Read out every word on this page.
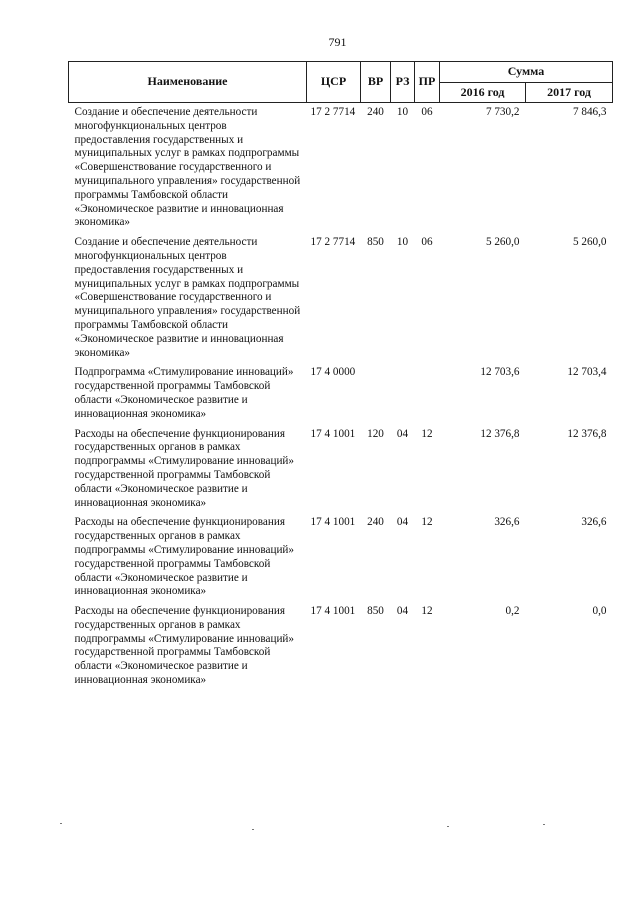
791
Наименование	ЦСР	ВР	РЗ	ПР	Сумма	
					2016 год	2017 год
Создание и обеспечение деятельности многофункциональных центров предоставления государственных и муниципальных услуг в рамках подпрограммы «Совершенствование государственного и муниципального управления» государственной программы Тамбовской области «Экономическое развитие и инновационная экономика»	17 2 7714	240	10	06	7 730,2	7 846,3
Создание и обеспечение деятельности многофункциональных центров предоставления государственных и муниципальных услуг в рамках подпрограммы «Совершенствование государственного и муниципального управления» государственной программы Тамбовской области «Экономическое развитие и инновационная экономика»	17 2 7714	850	10	06	5 260,0	5 260,0
Подпрограмма «Стимулирование инноваций» государственной программы Тамбовской области «Экономическое развитие и инновационная экономика»	17 4 0000				12 703,6	12 703,4
Расходы на обеспечение функционирования государственных органов в рамках подпрограммы «Стимулирование инноваций» государственной программы Тамбовской области «Экономическое развитие и инновационная экономика»	17 4 1001	120	04	12	12 376,8	12 376,8
Расходы на обеспечение функционирования государственных органов в рамках подпрограммы «Стимулирование инноваций» государственной программы Тамбовской области «Экономическое развитие и инновационная экономика»	17 4 1001	240	04	12	326,6	326,6
Расходы на обеспечение функционирования государственных органов в рамках подпрограммы «Стимулирование инноваций» государственной программы Тамбовской области «Экономическое развитие и инновационная экономика»	17 4 1001	850	04	12	0,2	0,0
